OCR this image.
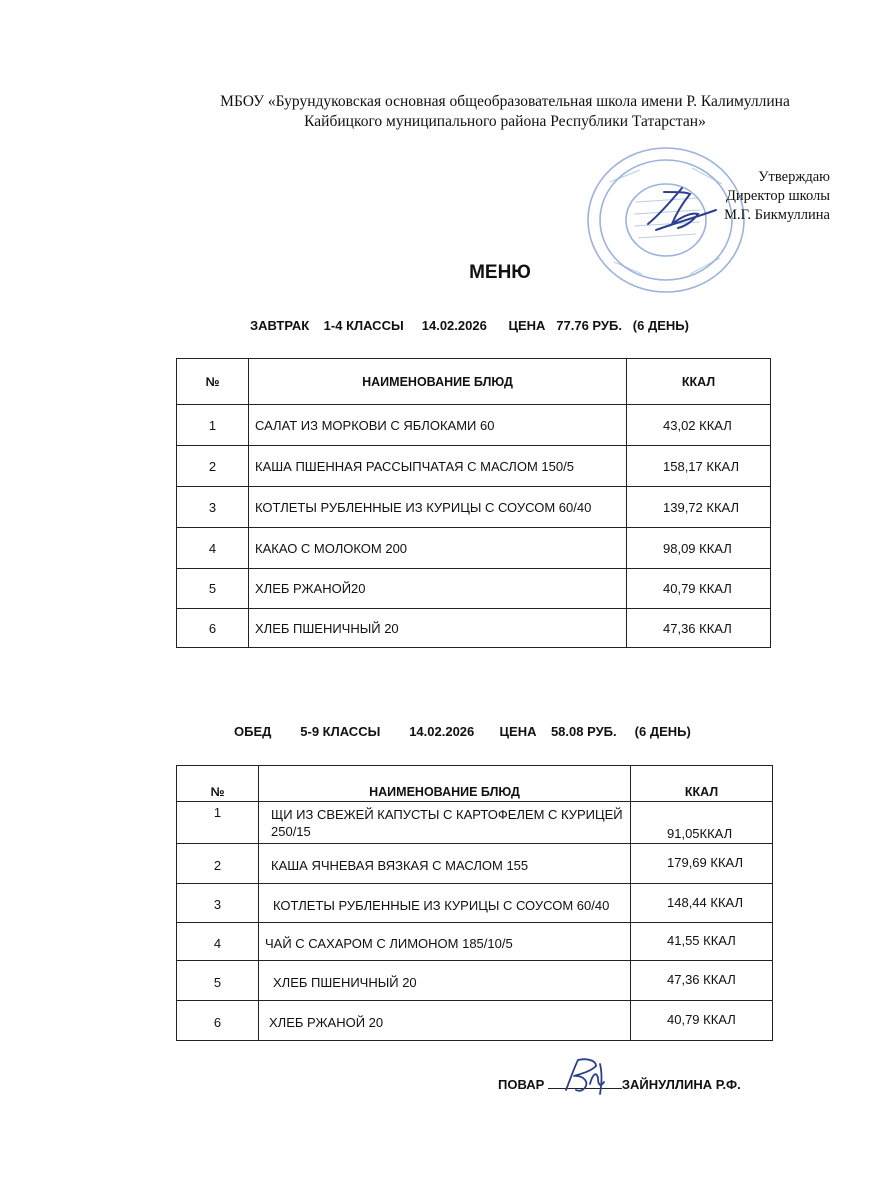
МБОУ «Бурундуковская основная общеобразовательная школа имени Р. Калимуллина
Кайбицкого муниципального района Республики Татарстан»
Утверждаю
Директор школы
М.Г. Бикмуллина
МЕНЮ
ЗАВТРАК    1-4 КЛАССЫ     14.02.2026      ЦЕНА   77.76 РУБ.   (6 ДЕНЬ)
№	НАИМЕНОВАНИЕ БЛЮД	ККАЛ
1	САЛАТ ИЗ МОРКОВИ С ЯБЛОКАМИ 60	43,02 ККАЛ
2	КАША ПШЕННАЯ РАССЫПЧАТАЯ С МАСЛОМ 150/5	158,17 ККАЛ
3	КОТЛЕТЫ РУБЛЕННЫЕ ИЗ КУРИЦЫ С СОУСОМ 60/40	139,72 ККАЛ
4	КАКАО С МОЛОКОМ 200	98,09 ККАЛ
5	ХЛЕБ РЖАНОЙ20	40,79 ККАЛ
6	ХЛЕБ ПШЕНИЧНЫЙ 20	47,36 ККАЛ
ОБЕД        5-9 КЛАССЫ        14.02.2026       ЦЕНА    58.08 РУБ.     (6 ДЕНЬ)
№	НАИМЕНОВАНИЕ БЛЮД	ККАЛ
1	ЩИ ИЗ СВЕЖЕЙ КАПУСТЫ С КАРТОФЕЛЕМ С КУРИЦЕЙ 250/15	91,05ККАЛ
2	КАША ЯЧНЕВАЯ ВЯЗКАЯ С МАСЛОМ 155	179,69 ККАЛ
3	КОТЛЕТЫ РУБЛЕННЫЕ ИЗ КУРИЦЫ С СОУСОМ 60/40	148,44 ККАЛ
4	ЧАЙ С САХАРОМ С ЛИМОНОМ 185/10/5	41,55 ККАЛ
5	ХЛЕБ ПШЕНИЧНЫЙ 20	47,36 ККАЛ
6	ХЛЕБ РЖАНОЙ 20	40,79 ККАЛ
ПОВАР	ЗАЙНУЛЛИНА Р.Ф.
